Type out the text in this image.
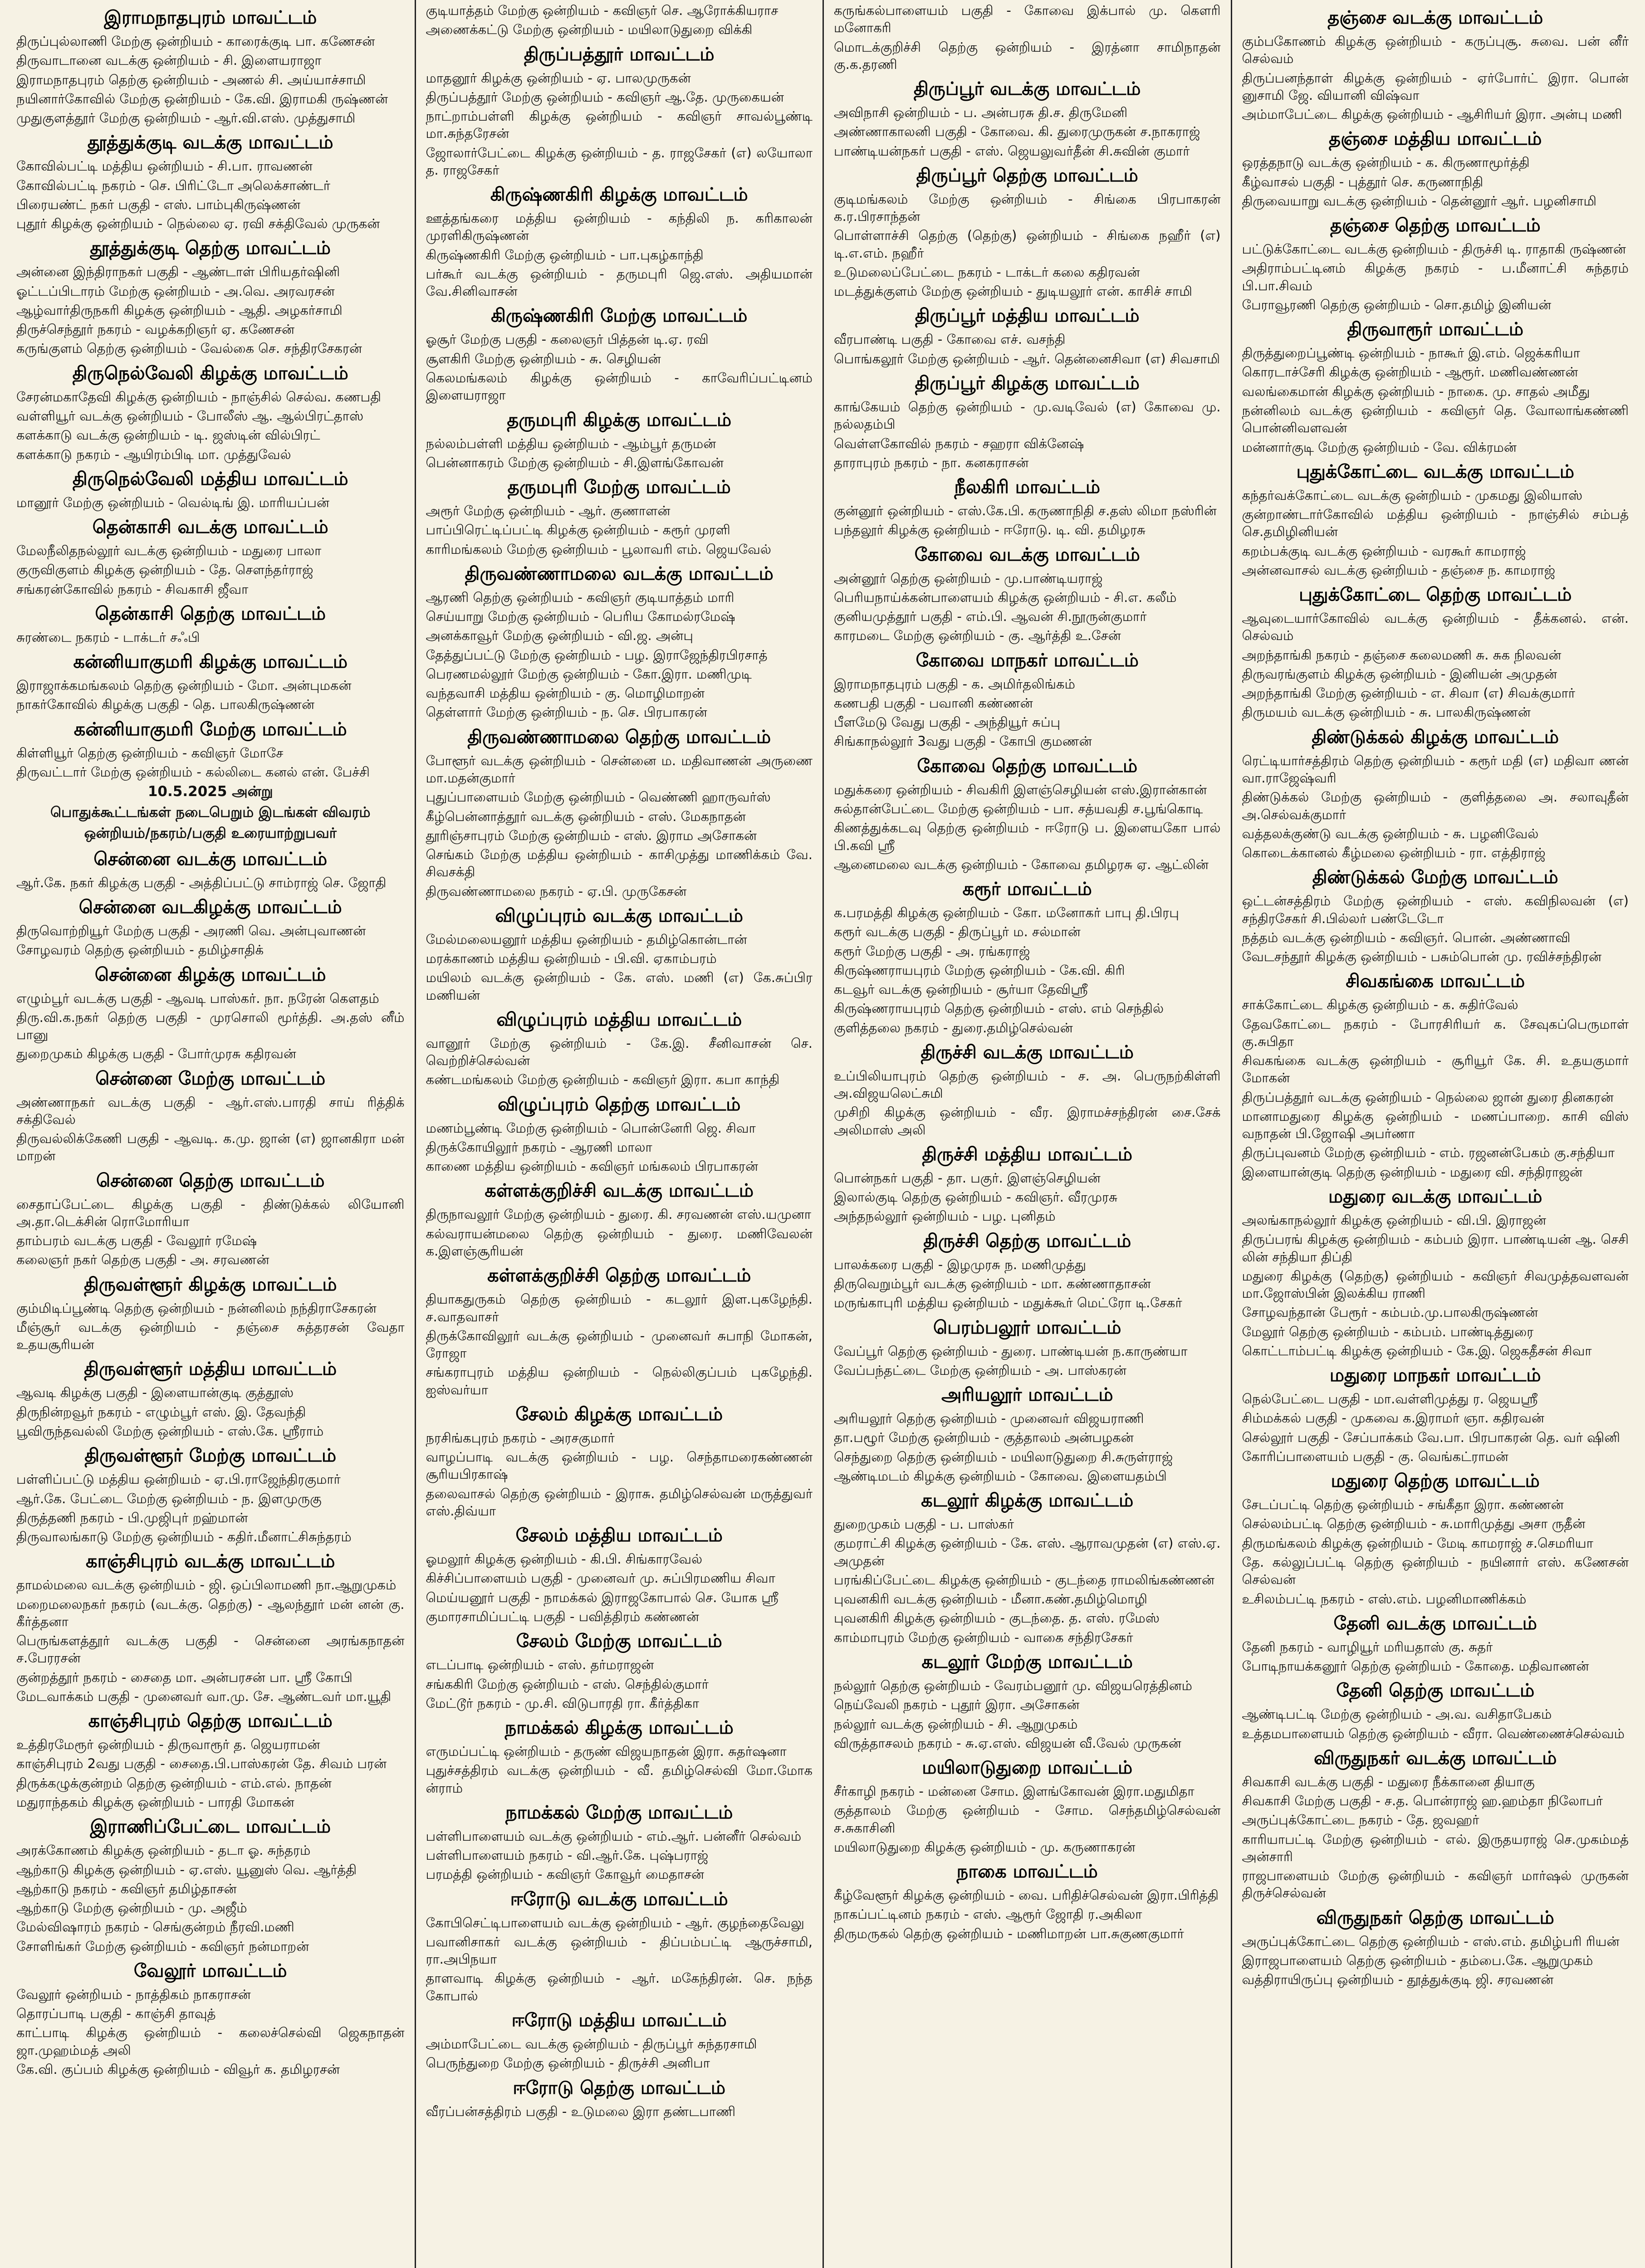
இராமநாதபுரம் மாவட்டம்
திருப்புல்லாணி மேற்கு ஒன்றியம் - காரைக்குடி பா. கணேசன்
திருவாடானை வடக்கு ஒன்றியம் - சி. இளையராஜா
இராமநாதபுரம் தெற்கு ஒன்றியம் - அணல் சி. அய்யாச்சாமி
நயினார்கோவில் மேற்கு ஒன்றியம் - கே.வி. இராமகி ருஷ்ணன்
முதுகுளத்தூர் மேற்கு ஒன்றியம் - ஆர்.வி.எஸ். முத்துசாமி
தூத்துக்குடி வடக்கு மாவட்டம்
கோவில்பட்டி மத்திய ஒன்றியம் - சி.பா. ராவணன்
கோவில்பட்டி நகரம் - செ. பிரிட்டோ அலெக்சாண்டர்
பிரையண்ட் நகர் பகுதி - எஸ். பாம்புகிருஷ்ணன்
புதூர் கிழக்கு ஒன்றியம் - நெல்லை ஏ. ரவி சக்திவேல் முருகன்
தூத்துக்குடி தெற்கு மாவட்டம்
அன்னை இந்திராநகர் பகுதி - ஆண்டாள் பிரியதர்ஷினி
ஓட்டப்பிடாரம் மேற்கு ஒன்றியம் - அ.வெ. அரவரசன்
ஆழ்வார்திருநகரி கிழக்கு ஒன்றியம் - ஆதி. அழகர்சாமி
திருச்செந்தூர் நகரம் - வழக்கறிஞர் ஏ. கணேசன்
கருங்குளம் தெற்கு ஒன்றியம் - வேல்கை செ. சந்திரசேகரன்
திருநெல்வேலி கிழக்கு மாவட்டம்
சேரன்மகாதேவி கிழக்கு ஒன்றியம் - நாஞ்சில் செல்வ. கணபதி
வள்ளியூர் வடக்கு ஒன்றியம் - போலீஸ் ஆ. ஆல்பிரட்தாஸ்
களக்காடு வடக்கு ஒன்றியம் - டி. ஜஸ்டின் வில்பிரட்
களக்காடு நகரம் - ஆயிரம்பிடி மா. முத்துவேல்
திருநெல்வேலி மத்திய மாவட்டம்
மானூர் மேற்கு ஒன்றியம் - வெல்டிங் இ. மாரியப்பன்
தென்காசி வடக்கு மாவட்டம்
மேலநீலிதநல்லூர் வடக்கு ஒன்றியம் - மதுரை பாலா
குருவிகுளம் கிழக்கு ஒன்றியம் - தே. சௌந்தர்ராஜ்
சங்கரன்கோவில் நகரம் - சிவகாசி ஜீவா
தென்காசி தெற்கு மாவட்டம்
சுரண்டை நகரம் - டாக்டர் சஃபி
கன்னியாகுமரி கிழக்கு மாவட்டம்
இராஜாக்கமங்கலம் தெற்கு ஒன்றியம் - மோ. அன்புமகன்
நாகர்கோவில் கிழக்கு பகுதி - தெ. பாலகிருஷ்ணன்
கன்னியாகுமரி மேற்கு மாவட்டம்
கிள்ளியூர் தெற்கு ஒன்றியம் - கவிஞர் மோசே
திருவட்டார் மேற்கு ஒன்றியம் - கல்லிடை கனல் என். பேச்சி
10.5.2025 அன்று
பொதுக்கூட்டங்கள் நடைபெறும் இடங்கள் விவரம்
ஒன்றியம்/நகரம்/பகுதி உரையாற்றுபவர்
சென்னை வடக்கு மாவட்டம்
ஆர்.கே. நகர் கிழக்கு பகுதி - அத்திப்பட்டு சாம்ராஜ் செ. ஜோதி
சென்னை வடகிழக்கு மாவட்டம்
திருவொற்றியூர் மேற்கு பகுதி - அரணி வெ. அன்புவாணன்
சோழவரம் தெற்கு ஒன்றியம் - தமிழ்சாதிக்
சென்னை கிழக்கு மாவட்டம்
எழும்பூர் வடக்கு பகுதி - ஆவடி பாஸ்கர். நா. நரேன் கௌதம்
திரு.வி.க.நகர் தெற்கு பகுதி - முரசொலி மூர்த்தி. அ.தஸ் னீம் பானு
துறைமுகம் கிழக்கு பகுதி - போர்முரசு கதிரவன்
சென்னை மேற்கு மாவட்டம்
அண்ணாநகர் வடக்கு பகுதி - ஆர்.எஸ்.பாரதி சாய் ரித்திக் சக்திவேல்
திருவல்லிக்கேணி பகுதி - ஆவடி. க.மு. ஜான் (எ) ஜானகிரா மன் மாறன்
சென்னை தெற்கு மாவட்டம்
சைதாப்பேட்டை கிழக்கு பகுதி - திண்டுக்கல் லியோனி அ.தா.டெக்சின் ரொமோரியா
தாம்பரம் வடக்கு பகுதி - வேலூர் ரமேஷ்
கலைஞர் நகர் தெற்கு பகுதி - அ. சரவணன்
திருவள்ளூர் கிழக்கு மாவட்டம்
கும்மிடிப்பூண்டி தெற்கு ஒன்றியம் - நன்னிலம் நந்திராசேகரன்
மீஞ்சூர் வடக்கு ஒன்றியம் - தஞ்சை சுத்தரசன் வேதா உதயசூரியன்
திருவள்ளூர் மத்திய மாவட்டம்
ஆவடி கிழக்கு பகுதி - இளையான்குடி குத்தூஸ்
திருநின்றவூர் நகரம் - எழும்பூர் எஸ். இ. தேவந்தி
பூவிருந்தவல்லி மேற்கு ஒன்றியம் - எஸ்.கே. ஸ்ரீராம்
திருவள்ளூர் மேற்கு மாவட்டம்
பள்ளிப்பட்டு மத்திய ஒன்றியம் - ஏ.பி.ராஜேந்திரகுமார்
ஆர்.கே. பேட்டை மேற்கு ஒன்றியம் - ந. இளமுருகு
திருத்தணி நகரம் - பி.முஜிபுர் றஹ்மான்
திருவாலங்காடு மேற்கு ஒன்றியம் - கதிர்.மீனாட்சிசுந்தரம்
காஞ்சிபுரம் வடக்கு மாவட்டம்
தாமல்மலை வடக்கு ஒன்றியம் - ஜி. ஒப்பிலாமணி நா.ஆறுமுகம்
மறைமலைநகர் நகரம் (வடக்கு. தெற்கு) - ஆலந்தூர் மன் னன் கு. கீர்த்தனா
பெருங்களத்தூர் வடக்கு பகுதி - சென்னை அரங்கநாதன் ச.பேரரசன்
குன்றத்தூர் நகரம் - சைதை மா. அன்பரசன் பா. ஸ்ரீ கோபி
மேடவாக்கம் பகுதி - முனைவர் வா.மு. சே. ஆண்டவர் மா.யூதி
காஞ்சிபுரம் தெற்கு மாவட்டம்
உத்திரமேரூர் ஒன்றியம் - திருவாரூர் த. ஜெயராமன்
காஞ்சிபுரம் 2வது பகுதி - சைதை.பி.பாஸ்கரன் தே. சிவம் பரன்
திருக்கழுக்குன்றம் தெற்கு ஒன்றியம் - எம்.எல். நாதன்
மதுராந்தகம் கிழக்கு ஒன்றியம் - பாரதி மோகன்
இராணிப்பேட்டை மாவட்டம்
அரக்கோணம் கிழக்கு ஒன்றியம் - தடா ஓ. சுந்தரம்
ஆற்காடு கிழக்கு ஒன்றியம் - ஏ.எஸ். யூனுஸ் வெ. ஆர்த்தி
ஆற்காடு நகரம் - கவிஞர் தமிழ்தாசன்
ஆற்காடு மேற்கு ஒன்றியம் - மு. அஜீம்
மேல்விஷாரம் நகரம் - செங்குன்றம் நீரவி.மணி
சோளிங்கர் மேற்கு ஒன்றியம் - கவிஞர் நன்மாறன்
வேலூர் மாவட்டம்
வேலூர் ஒன்றியம் - நாத்திகம் நாகராசன்
தொரப்பாடி பகுதி - காஞ்சி தாவுத்
காட்பாடி கிழக்கு ஒன்றியம் - கலைச்செல்வி ஜெகநாதன் ஜா.முஹம்மத் அலி
கே.வி. குப்பம் கிழக்கு ஒன்றியம் - விவூர் க. தமிழரசன்
குடியாத்தம் மேற்கு ஒன்றியம் - கவிஞர் செ. ஆரோக்கியராச
அணைக்கட்டு மேற்கு ஒன்றியம் - மயிலாடுதுறை விக்கி
திருப்பத்தூர் மாவட்டம்
மாதனூர் கிழக்கு ஒன்றியம் - ஏ. பாலமுருகன்
திருப்பத்தூர் மேற்கு ஒன்றியம் - கவிஞர் ஆ.தே. முருகையன்
நாட்றாம்பள்ளி கிழக்கு ஒன்றியம் - கவிஞர் சாவல்பூண்டி மா.சுந்தரேசன்
ஜோலார்பேட்டை கிழக்கு ஒன்றியம் - த. ராஜசேகர் (எ) லயோலா த. ராஜசேகர்
கிருஷ்ணகிரி கிழக்கு மாவட்டம்
ஊத்தங்கரை மத்திய ஒன்றியம் - கந்திலி ந. கரிகாலன் முரளிகிருஷ்ணன்
கிருஷ்ணகிரி மேற்கு ஒன்றியம் - பா.புகழ்காந்தி
பர்கூர் வடக்கு ஒன்றியம் - தருமபுரி ஜெ.எஸ். அதியமான் வே.சினிவாசன்
கிருஷ்ணகிரி மேற்கு மாவட்டம்
ஓசூர் மேற்கு பகுதி - கலைஞர் பித்தன் டி.ஏ. ரவி
சூளகிரி மேற்கு ஒன்றியம் - சு. செழியன்
கெலமங்கலம் கிழக்கு ஒன்றியம் - காவேரிப்பட்டினம் இளையராஜா
தருமபுரி கிழக்கு மாவட்டம்
நல்லம்பள்ளி மத்திய ஒன்றியம் - ஆம்பூர் தருமன்
பென்னாகரம் மேற்கு ஒன்றியம் - சி.இளங்கோவன்
தருமபுரி மேற்கு மாவட்டம்
அரூர் மேற்கு ஒன்றியம் - ஆர். குணாளன்
பாப்பிரெட்டிப்பட்டி கிழக்கு ஒன்றியம் - கரூர் முரளி
காரிமங்கலம் மேற்கு ஒன்றியம் - பூலாவரி எம். ஜெயவேல்
திருவண்ணாமலை வடக்கு மாவட்டம்
ஆரணி தெற்கு ஒன்றியம் - கவிஞர் குடியாத்தம் மாரி
செய்யாறு மேற்கு ஒன்றியம் - பெரிய கோமல்ரமேஷ்
அனக்காவூர் மேற்கு ஒன்றியம் - வி.ஜ. அன்பு
தேத்துப்பட்டு மேற்கு ஒன்றியம் - பழ. இராஜேந்திரபிரசாத்
பெரணமல்லூர் மேற்கு ஒன்றியம் - கோ.இரா. மணிமுடி
வந்தவாசி மத்திய ஒன்றியம் - கு. மொழிமாறன்
தெள்ளார் மேற்கு ஒன்றியம் - ந. செ. பிரபாகரன்
திருவண்ணாமலை தெற்கு மாவட்டம்
போளூர் வடக்கு ஒன்றியம் - சென்னை ம. மதிவாணன் அருணை மா.மதன்குமார்
புதுப்பாளையம் மேற்கு ஒன்றியம் - வெண்ணி ஹாருவர்ஸ்
கீழ்பென்னாத்தூர் வடக்கு ஒன்றியம் - எஸ். மேகநாதன்
தூரிஞ்சாபுரம் மேற்கு ஒன்றியம் - எஸ். இராம அசோகன்
செங்கம் மேற்கு மத்திய ஒன்றியம் - காசிமுத்து மாணிக்கம் வே. சிவசக்தி
திருவண்ணாமலை நகரம் - ஏ.பி. முருகேசன்
விழுப்புரம் வடக்கு மாவட்டம்
மேல்மலையனூர் மத்திய ஒன்றியம் - தமிழ்கொன்டான்
மரக்காணம் மத்திய ஒன்றியம் - பி.வி. ஏகாம்பரம்
மயிலம் வடக்கு ஒன்றியம் - கே. எஸ். மணி (எ) கே.சுப்பிர மணியன்
விழுப்புரம் மத்திய மாவட்டம்
வானூர் மேற்கு ஒன்றியம் - கே.இ. சீனிவாசன் செ. வெற்றிச்செல்வன்
கண்டமங்கலம் மேற்கு ஒன்றியம் - கவிஞர் இரா. கபா காந்தி
விழுப்புரம் தெற்கு மாவட்டம்
மணம்பூண்டி மேற்கு ஒன்றியம் - பொன்னேரி ஜெ. சிவா
திருக்கோயிலூர் நகரம் - ஆரணி மாலா
காணை மத்திய ஒன்றியம் - கவிஞர் மங்கலம் பிரபாகரன்
கள்ளக்குறிச்சி வடக்கு மாவட்டம்
திருநாவலூர் மேற்கு ஒன்றியம் - துரை. கி. சரவணன் எஸ்.யமுனா
கல்வராயன்மலை தெற்கு ஒன்றியம் - துரை. மணிவேலன் க.இளஞ்சூரியன்
கள்ளக்குறிச்சி தெற்கு மாவட்டம்
தியாகதுருகம் தெற்கு ஒன்றியம் - கடலூர் இள.புகழேந்தி. ச.வாதவாசர்
திருக்கோவிலூர் வடக்கு ஒன்றியம் - முனைவர் சுபாநி மோகன், ரோஜா
சங்கராபுரம் மத்திய ஒன்றியம் - நெல்லிகுப்பம் புகழேந்தி. ஐஸ்வர்யா
சேலம் கிழக்கு மாவட்டம்
நரசிங்கபுரம் நகரம் - அரசகுமார்
வாழப்பாடி வடக்கு ஒன்றியம் - பழ. செந்தாமரைகண்ணன் சூரியபிரகாஷ்
தலைவாசல் தெற்கு ஒன்றியம் - இராசு. தமிழ்செல்வன் மருத்துவர் எஸ்.திவ்யா
சேலம் மத்திய மாவட்டம்
ஓமலூர் கிழக்கு ஒன்றியம் - கி.பி. சிங்காரவேல்
கிச்சிப்பாளையம் பகுதி - முனைவர் மு. சுப்பிரமணிய சிவா
மெய்யனூர் பகுதி - நாமக்கல் இராஜகோபால் செ. யோக ஸ்ரீ
குமாரசாமிப்பட்டி பகுதி - பவித்திரம் கண்ணன்
சேலம் மேற்கு மாவட்டம்
எடப்பாடி ஒன்றியம் - எஸ். தர்மராஜன்
சங்ககிரி மேற்கு ஒன்றியம் - எஸ். செந்தில்குமார்
மேட்டூர் நகரம் - மு.சி. விடுபாரதி ரா. கீர்த்திகா
நாமக்கல் கிழக்கு மாவட்டம்
எருமப்பட்டி ஒன்றியம் - தருண் விஜயநாதன் இரா. சுதர்ஷனா
புதுச்சத்திரம் வடக்கு ஒன்றியம் - வீ. தமிழ்செல்வி மோ.மோக ன்ராம்
நாமக்கல் மேற்கு மாவட்டம்
பள்ளிபாளையம் வடக்கு ஒன்றியம் - எம்.ஆர். பன்னீர் செல்வம்
பள்ளிபாளையம் நகரம் - வி.ஆர்.கே. புஷ்பராஜ்
பரமத்தி ஒன்றியம் - கவிஞர் கோவூர் மைதாசன்
ஈரோடு வடக்கு மாவட்டம்
கோபிசெட்டிபாளையம் வடக்கு ஒன்றியம் - ஆர். குழந்தைவேலு
பவானிசாகர் வடக்கு ஒன்றியம் - திப்பம்பட்டி ஆருச்சாமி, ரா.அபிநயா
தாளவாடி கிழக்கு ஒன்றியம் - ஆர். மகேந்திரன். செ. நந்த கோபால்
ஈரோடு மத்திய மாவட்டம்
அம்மாபேட்டை வடக்கு ஒன்றியம் - திருப்பூர் சுந்தரசாமி
பெருந்துறை மேற்கு ஒன்றியம் - திருச்சி அனிபா
ஈரோடு தெற்கு மாவட்டம்
வீரப்பன்சத்திரம் பகுதி - உடுமலை இரா தண்டபாணி
கருங்கல்பாளையம் பகுதி - கோவை இக்பால் மு. கௌரி மனோகரி
மொடக்குறிச்சி தெற்கு ஒன்றியம் - இரத்னா சாமிநாதன் கு.க.தரணி
திருப்பூர் வடக்கு மாவட்டம்
அவிநாசி ஒன்றியம் - ப. அன்பரசு தி.ச. திருமேனி
அண்ணாகாலனி பகுதி - கோவை. கி. துரைமுருகன் ச.நாகராஜ்
பாண்டியன்நகர் பகுதி - எஸ். ஜெயலுவர்தீன் சி.சுவின் குமார்
திருப்பூர் தெற்கு மாவட்டம்
குடிமங்கலம் மேற்கு ஒன்றியம் - சிங்கை பிரபாகரன் க.ர.பிரசாந்தன்
பொள்ளாச்சி தெற்கு (தெற்கு) ஒன்றியம் - சிங்கை நஹீர் (எ) டி.எ.எம். நஹீர்
உடுமலைப்பேட்டை நகரம் - டாக்டர் கலை கதிரவன்
மடத்துக்குளம் மேற்கு ஒன்றியம் - துடியலூர் என். காசிச் சாமி
திருப்பூர் மத்திய மாவட்டம்
வீரபாண்டி பகுதி - கோவை எச். வசந்தி
பொங்கலூர் மேற்கு ஒன்றியம் - ஆர். தென்னைசிவா (எ) சிவசாமி
திருப்பூர் கிழக்கு மாவட்டம்
காங்கேயம் தெற்கு ஒன்றியம் - மு.வடிவேல் (எ) கோவை மு. நல்லதம்பி
வெள்ளகோவில் நகரம் - சஹரா விக்னேஷ்
தாராபுரம் நகரம் - நா. கனகராசன்
நீலகிரி மாவட்டம்
குன்னூர் ஒன்றியம் - எஸ்.கே.பி. கருணாநிதி ச.தஸ் லிமா நஸ்ரின்
பந்தலூர் கிழக்கு ஒன்றியம் - ஈரோடு. டி. வி. தமிழரசு
கோவை வடக்கு மாவட்டம்
அன்னூர் தெற்கு ஒன்றியம் - மு.பாண்டியராஜ்
பெரியநாய்க்கன்பாளையம் கிழக்கு ஒன்றியம் - சி.எ. கலீம்
குனியமுத்தூர் பகுதி - எம்.பி. ஆவன் சி.நூருன்குமார்
காரமடை மேற்கு ஒன்றியம் - கு. ஆர்த்தி உ.சேன்
கோவை மாநகர் மாவட்டம்
இராமநாதபுரம் பகுதி - க. அமிர்தலிங்கம்
கணபதி பகுதி - பவானி கண்ணன்
பீளமேடு வேது பகுதி - அந்தியூர் சுப்பு
சிங்காநல்லூர் 3வது பகுதி - கோபி குமணன்
கோவை தெற்கு மாவட்டம்
மதுக்கரை ஒன்றியம் - சிவகிரி இளஞ்செழியன் எஸ்.இரான்கான்
சுல்தான்பேட்டை மேற்கு ஒன்றியம் - பா. சத்யவதி ச.பூங்கொடி
கிணத்துக்கடவு தெற்கு ஒன்றியம் - ஈரோடு ப. இளையகோ பால் பி.கவி ஸ்ரீ
ஆனைமலை வடக்கு ஒன்றியம் - கோவை தமிழரசு ஏ. ஆட்லின்
கரூர் மாவட்டம்
க.பரமத்தி கிழக்கு ஒன்றியம் - கோ. மனோகர் பாபு தி.பிரபு
கரூர் வடக்கு பகுதி - திருப்பூர் ம. சல்மான்
கரூர் மேற்கு பகுதி - அ. ரங்கராஜ்
கிருஷ்ணராயபுரம் மேற்கு ஒன்றியம் - கே.வி. கிரி
கடவூர் வடக்கு ஒன்றியம் - சூர்யா தேவிஸ்ரீ
கிருஷ்ணராயபுரம் தெற்கு ஒன்றியம் - எஸ். எம் செந்தில்
குளித்தலை நகரம் - துரை.தமிழ்செல்வன்
திருச்சி வடக்கு மாவட்டம்
உப்பிலியாபுரம் தெற்கு ஒன்றியம் - ச. அ. பெருநற்கிள்ளி அ.விஜயலெட்சுமி
முசிறி கிழக்கு ஒன்றியம் - வீர. இராமச்சந்திரன் சை.சேக் அலிமாஸ் அலி
திருச்சி மத்திய மாவட்டம்
பொன்நகர் பகுதி - தா. பகுர். இளஞ்செழியன்
இலால்குடி தெற்கு ஒன்றியம் - கவிஞர். வீரமுரசு
அந்தநல்லூர் ஒன்றியம் - பழ. புனிதம்
திருச்சி தெற்கு மாவட்டம்
பாலக்கரை பகுதி - இழமுரசு ந. மணிமுத்து
திருவெறும்பூர் வடக்கு ஒன்றியம் - மா. கண்ணாதாசன்
மருங்காபுரி மத்திய ஒன்றியம் - மதுக்கூர் மெட்ரோ டி.சேகர்
பெரம்பலூர் மாவட்டம்
வேப்பூர் தெற்கு ஒன்றியம் - துரை. பாண்டியன் ந.காருண்யா
வேப்பந்தட்டை மேற்கு ஒன்றியம் - அ. பாஸ்கரன்
அரியலூர் மாவட்டம்
அரியலூர் தெற்கு ஒன்றியம் - முனைவர் விஜயராணி
தா.பழூர் மேற்கு ஒன்றியம் - குத்தாலம் அன்பழகன்
செந்துறை தெற்கு ஒன்றியம் - மயிலாடுதுறை சி.சுருள்ராஜ்
ஆண்டிமடம் கிழக்கு ஒன்றியம் - கோவை. இளையதம்பி
கடலூர் கிழக்கு மாவட்டம்
துறைமுகம் பகுதி - ப. பாஸ்கர்
குமராட்சி கிழக்கு ஒன்றியம் - கே. எஸ். ஆராவமுதன் (எ) எஸ்.ஏ. அமுதன்
பரங்கிப்பேட்டை கிழக்கு ஒன்றியம் - குடந்தை ராமலிங்கண்ணன்
புவனகிரி வடக்கு ஒன்றியம் - மீனா.கண்.தமிழ்மொழி
புவனகிரி கிழக்கு ஒன்றியம் - குடந்தை. த. எஸ். ரமேஸ்
காம்மாபுரம் மேற்கு ஒன்றியம் - வாகை சந்திரசேகர்
கடலூர் மேற்கு மாவட்டம்
நல்லூர் தெற்கு ஒன்றியம் - வேரம்பனூர் மு. விஜயரெத்தினம்
நெய்வேலி நகரம் - புதூர் இரா. அசோகன்
நல்லூர் வடக்கு ஒன்றியம் - சி. ஆறுமுகம்
விருத்தாசலம் நகரம் - சு.ஏ.எஸ். விஜயன் வீ.வேல் முருகன்
மயிலாடுதுறை மாவட்டம்
சீர்காழி நகரம் - மன்னை சோம. இளங்கோவன் இரா.மதுமிதா
குத்தாலம் மேற்கு ஒன்றியம் - சோம. செந்தமிழ்செல்வன் ச.சுகாசினி
மயிலாடுதுறை கிழக்கு ஒன்றியம் - மு. கருணாகரன்
நாகை மாவட்டம்
கீழ்வேளூர் கிழக்கு ஒன்றியம் - வை. பரிதிச்செல்வன் இரா.பிரித்தி
நாகப்பட்டினம் நகரம் - எஸ். ஆரூர் ஜோதி ர.அகிலா
திருமருகல் தெற்கு ஒன்றியம் - மணிமாறன் பா.சுகுணகுமார்
தஞ்சை வடக்கு மாவட்டம்
கும்பகோணம் கிழக்கு ஒன்றியம் - கருப்புசூ. சுவை. பன் னீர் செல்வம்
திருப்பனந்தாள் கிழக்கு ஒன்றியம் - ஏர்போர்ட் இரா. பொன் னுசாமி ஜே. வியானி விஷ்வா
அம்மாபேட்டை கிழக்கு ஒன்றியம் - ஆசிரியர் இரா. அன்பு மணி
தஞ்சை மத்திய மாவட்டம்
ஒரத்தநாடு வடக்கு ஒன்றியம் - க. கிருணாமூர்த்தி
கீழ்வாசல் பகுதி - புத்தூர் செ. கருணாநிதி
திருவையாறு வடக்கு ஒன்றியம் - தென்னூர் ஆர். பழனிசாமி
தஞ்சை தெற்கு மாவட்டம்
பட்டுக்கோட்டை வடக்கு ஒன்றியம் - திருச்சி டி. ராதாகி ருஷ்ணன்
அதிராம்பட்டினம் கிழக்கு நகரம் - ப.மீனாட்சி சுந்தரம் பி.பா.சிவம்
பேராவூரணி தெற்கு ஒன்றியம் - சொ.தமிழ் இனியன்
திருவாரூர் மாவட்டம்
திருத்துறைப்பூண்டி ஒன்றியம் - நாகூர் இ.எம். ஜெக்கரியா
கொரடாச்சேரி கிழக்கு ஒன்றியம் - ஆரூர். மணிவண்ணன்
வலங்கைமான் கிழக்கு ஒன்றியம் - நாகை. மு. சாதல் அமீது
நன்னிலம் வடக்கு ஒன்றியம் - கவிஞர் தெ. வோலாங்கண்ணி பொன்னிவளவன்
மன்னார்குடி மேற்கு ஒன்றியம் - வே. விக்ரமன்
புதுக்கோட்டை வடக்கு மாவட்டம்
கந்தர்வக்கோட்டை வடக்கு ஒன்றியம் - முகமது இலியாஸ்
குன்றாண்டார்கோவில் மத்திய ஒன்றியம் - நாஞ்சில் சம்பத் செ.தமிழினியன்
கறம்பக்குடி வடக்கு ஒன்றியம் - வரகூர் காமராஜ்
அன்னவாசல் வடக்கு ஒன்றியம் - தஞ்சை ந. காமராஜ்
புதுக்கோட்டை தெற்கு மாவட்டம்
ஆவுடையார்கோவில் வடக்கு ஒன்றியம் - தீக்கனல். என். செல்வம்
அறந்தாங்கி நகரம் - தஞ்சை கலைமணி சு. சுக நிலவன்
திருவரங்குளம் கிழக்கு ஒன்றியம் - இனியன் அமுதன்
அறந்தாங்கி மேற்கு ஒன்றியம் - எ. சிவா (எ) சிவக்குமார்
திருமயம் வடக்கு ஒன்றியம் - சு. பாலகிருஷ்ணன்
திண்டுக்கல் கிழக்கு மாவட்டம்
ரெட்டியார்சத்திரம் தெற்கு ஒன்றியம் - கரூர் மதி (எ) மதிவா ணன் வா.ராஜேஷ்வரி
திண்டுக்கல் மேற்கு ஒன்றியம் - குளித்தலை அ. சலாவுதீன் அ.செல்வக்குமார்
வத்தலக்குண்டு வடக்கு ஒன்றியம் - சு. பழனிவேல்
கொடைக்கானல் கீழ்மலை ஒன்றியம் - ரா. எத்திராஜ்
திண்டுக்கல் மேற்கு மாவட்டம்
ஒட்டன்சத்திரம் மேற்கு ஒன்றியம் - எஸ். கவிநிலவன் (எ) சந்திரசேகர் சி.பில்லர் பண்டேடோ
நத்தம் வடக்கு ஒன்றியம் - கவிஞர். பொன். அண்ணாவி
வேடசந்தூர் கிழக்கு ஒன்றியம் - பசும்பொன் மு. ரவிச்சந்திரன்
சிவகங்கை மாவட்டம்
சாக்கோட்டை கிழக்கு ஒன்றியம் - க. சுதிர்வேல்
தேவகோட்டை நகரம் - போரசிரியர் க. சேவுகப்பெருமாள் கு.சுபிதா
சிவகங்கை வடக்கு ஒன்றியம் - சூரியூர் கே. சி. உதயகுமார் மோகன்
திருப்பத்தூர் வடக்கு ஒன்றியம் - நெல்லை ஜான் துரை தினகரன்
மானாமதுரை கிழக்கு ஒன்றியம் - மணப்பாறை. காசி விஸ் வநாதன் பி.ஜோஷி அபர்ணா
திருப்புவனம் மேற்கு ஒன்றியம் - எம். ரஜனன்பேகம் கு.சந்தியா
இளையான்குடி தெற்கு ஒன்றியம் - மதுரை வி. சந்திராஜன்
மதுரை வடக்கு மாவட்டம்
அலங்காநல்லூர் கிழக்கு ஒன்றியம் - வி.பி. இராஜன்
திருப்பரங் கிழக்கு ஒன்றியம் - கம்பம் இரா. பாண்டியன் ஆ. செசி லின் சந்தியா திப்தி
மதுரை கிழக்கு (தெற்கு) ஒன்றியம் - கவிஞர் சிவமுத்தவளவன் மா.ஜோஸ்பின் இலக்கிய ராணி
சோழவந்தான் பேரூர் - கம்பம்.மு.பாலகிருஷ்ணன்
மேலூர் தெற்கு ஒன்றியம் - கம்பம். பாண்டித்துரை
கொட்டாம்பட்டி கிழக்கு ஒன்றியம் - கே.இ. ஜெகதீசன் சிவா
மதுரை மாநகர் மாவட்டம்
நெல்பேட்டை பகுதி - மா.வள்ளிமுத்து ர. ஜெயஸ்ரீ
சிம்மக்கல் பகுதி - முகவை க.இராமர் ஞா. கதிரவன்
செல்லூர் பகுதி - சேப்பாக்கம் வே.பா. பிரபாகரன் தெ. வர் ஷினி
கோரிப்பாளையம் பகுதி - கு. வெங்கட்ராமன்
மதுரை தெற்கு மாவட்டம்
சேடப்பட்டி தெற்கு ஒன்றியம் - சங்கீதா இரா. கண்ணன்
செல்லம்பட்டி தெற்கு ஒன்றியம் - சு.மாரிமுத்து அசா ருதீன்
திருமங்கலம் கிழக்கு ஒன்றியம் - மேடி காமராஜ் ச.செமரியா
தே. கல்லுப்பட்டி தெற்கு ஒன்றியம் - நயினார் எஸ். கணேசன் செல்வன்
உசிலம்பட்டி நகரம் - எஸ்.எம். பழனிமாணிக்கம்
தேனி வடக்கு மாவட்டம்
தேனி நகரம் - வாழியூர் மரியதாஸ் கு. சுதர்
போடிநாயக்கனூர் தெற்கு ஒன்றியம் - கோதை. மதிவாணன்
தேனி தெற்கு மாவட்டம்
ஆண்டிபட்டி மேற்கு ஒன்றியம் - அ.வ. வசிதாபேகம்
உத்தமபாளையம் தெற்கு ஒன்றியம் - வீரா. வெண்ணைச்செல்வம்
விருதுநகர் வடக்கு மாவட்டம்
சிவகாசி வடக்கு பகுதி - மதுரை நீக்கானை தியாகு
சிவகாசி மேற்கு பகுதி - ச.த. பொன்ராஜ் ஹ.ஹம்தா நிலோபர்
அருப்புக்கோட்டை நகரம் - தே. ஜவஹர்
காரியாபட்டி மேற்கு ஒன்றியம் - எல். இருதயராஜ் செ.முகம்மத் அன்சாரி
ராஜபாளையம் மேற்கு ஒன்றியம் - கவிஞர் மார்ஷல் முருகன் திருச்செல்வன்
விருதுநகர் தெற்கு மாவட்டம்
அருப்புக்கோட்டை தெற்கு ஒன்றியம் - எஸ்.எம். தமிழ்பரி ரியன்
இராஜபாளையம் தெற்கு ஒன்றியம் - தம்பை.கே. ஆறுமுகம்
வத்திராயிருப்பு ஒன்றியம் - தூத்துக்குடி ஜி. சரவணன்
